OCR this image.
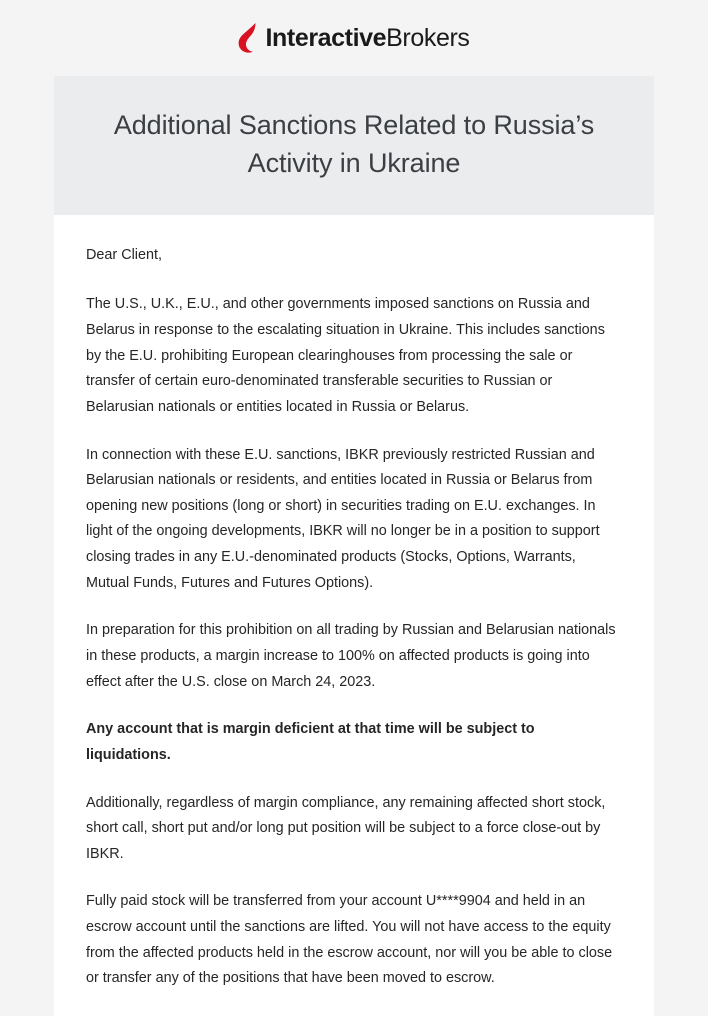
InteractiveBrokers
Additional Sanctions Related to Russia’s Activity in Ukraine

Dear Client,

The U.S., U.K., E.U., and other governments imposed sanctions on Russia and Belarus in response to the escalating situation in Ukraine. This includes sanctions by the E.U. prohibiting European clearinghouses from processing the sale or transfer of certain euro-denominated transferable securities to Russian or Belarusian nationals or entities located in Russia or Belarus.

In connection with these E.U. sanctions, IBKR previously restricted Russian and Belarusian nationals or residents, and entities located in Russia or Belarus from opening new positions (long or short) in securities trading on E.U. exchanges. In light of the ongoing developments, IBKR will no longer be in a position to support closing trades in any E.U.-denominated products (Stocks, Options, Warrants, Mutual Funds, Futures and Futures Options).

In preparation for this prohibition on all trading by Russian and Belarusian nationals in these products, a margin increase to 100% on affected products is going into effect after the U.S. close on March 24, 2023.

Any account that is margin deficient at that time will be subject to liquidations.

Additionally, regardless of margin compliance, any remaining affected short stock, short call, short put and/or long put position will be subject to a force close-out by IBKR.

Fully paid stock will be transferred from your account U****9904 and held in an escrow account until the sanctions are lifted. You will not have access to the equity from the affected products held in the escrow account, nor will you be able to close or transfer any of the positions that have been moved to escrow.
